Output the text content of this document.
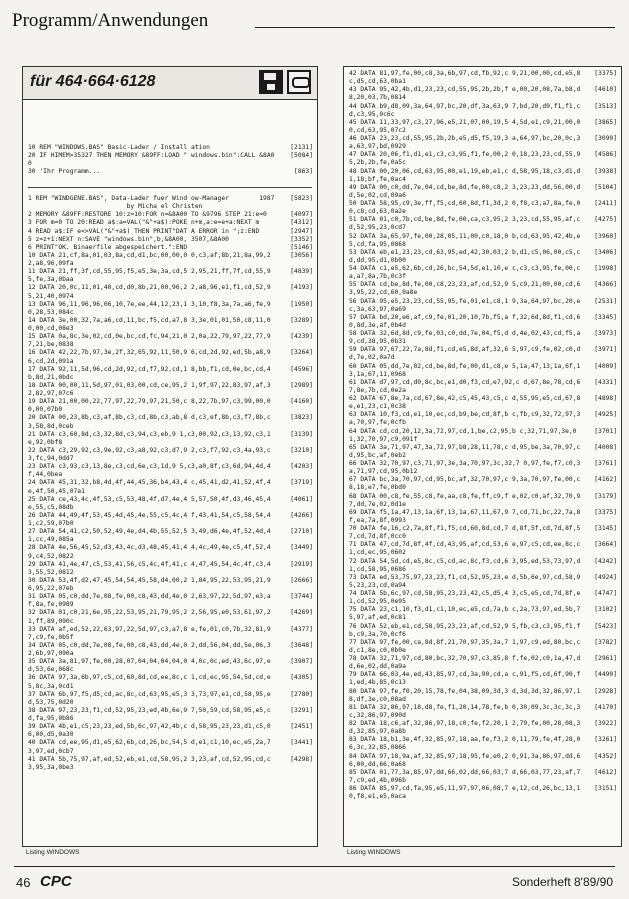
Programm/Anwendungen
für 464·664·6128
10 REM "WINDOWS.BAS" Basic-Lader / Install ation	[2131]
20 IF HIMEM>35327 THEN MEMORY &89FF:LOAD " windows.bin":CALL &8A00
[5084]
30 'Ihr Programm...	[863]
1 REM "WINDGENE.BAS", Data-Lader fuer Wind ow-Manager        1987	[5823]
by Micha el Christen
2 MEMORY &89FF:RESTORE 10:z=10:FOR n=&8A00 TO &9796 STEP 21:e=0	[4097]
3 FOR m=0 TO 20:READ a$:a=VAL("&"+a$):POKE n+m,a:e=e+a:NEXT m	[4312]
4 READ a$:IF e<>VAL("&"+a$) THEN PRINT"DAT A ERROR in ";z:END	[2947]
5 z=z+1:NEXT n:SAVE "windows.bin",b,&8A00, 3507,&8A00	[3352]
6 PRINT"OK. Binaerfile abgespeichert.":END	[5146]
10 DATA 21,cf,8a,01,03,8a,cd,d1,bc,00,00,0 0,c3,af,8b,21,8a,99,22,a8,96,09fa
[3056]
11 DATA 21,ff,3f,cd,55,95,f5,e5,3e,3a,cd,5 2,95,21,ff,7f,cd,55,95,fe,3a,0baa
[4839]
12 DATA 20,0c,11,01,40,cd,d0,8b,21,00,96,2 2,a8,96,e1,f1,cd,52,95,21,40,0974
[4193]
13 DATA 96,11,96,96,06,10,7e,ee,44,12,23,1 3,10,f8,3a,7a,a6,fe,90,28,53,084c
[1950]
14 DATA 3e,00,32,7a,a6,cd,11,bc,f5,cd,a7,8 3,3e,01,01,50,c8,11,00,00,cd,08e3
[3289]
15 DATA 0a,8c,3e,02,cd,0e,bc,cd,fc,94,21,0 2,0a,22,79,97,22,77,97,21,be,0838
[4239]
16 DATA 42,22,7b,97,3e,2f,32,65,92,11,50,9 6,cd,2d,92,ed,5b,a8,96,cd,2d,091a
[3264]
17 DATA 92,11,5d,96,cd,2d,92,cd,f7,92,cd,1 8,bb,f1,cd,0e,bc,cd,4b,8d,21,0bdc
[4596]
18 DATA 00,00,11,5d,97,01,03,00,cd,ce,95,2 1,9f,97,22,83,97,af,32,82,97,07c6
[2989]
19 DATA 21,00,00,22,77,97,22,79,97,21,50,c 8,22,7b,97,c3,99,00,00,00,07b0
[4160]
20 DATA 00,23,8b,c3,af,8b,c3,cd,8b,c3,ab,8 d,c3,ef,8b,c3,f7,8b,c3,58,8d,0ceb
[3823]
21 DATA c3,60,8d,c3,32,8d,c3,94,c3,eb,9 1,c3,00,92,c3,13,92,c3,1e,92,0bf8
[3139]
22 DATA c3,29,92,c3,9e,92,c3,a8,92,c3,d7,9 2,c3,f7,92,c3,4a,93,c3,fc,94,0dd7
[3210]
23 DATA c3,93,c3,13,8e,c3,cd,6e,c3,1d,9 5,c3,a0,8f,c3,6d,94,4d,4f,44,0bea
[4203]
24 DATA 45,31,32,b8,4d,4f,44,45,36,b4,43,4 c,45,41,d2,41,52,4f,4e,4f,50,45,07a1
[3719]
25 DATA ce,43,4c,4f,53,c5,53,48,4f,d7,4e,4 5,57,50,4f,d3,46,45,4e,55,c5,08db
[4061]
26 DATA 44,49,4f,53,45,4d,45,4e,55,c5,4c,4 f,43,41,54,c5,58,54,41,c2,59,07b0
[4266]
27 DATA 54,41,c2,50,52,49,4e,d4,4b,55,52,5 3,49,d6,4e,4f,52,4d,41,cc,49,085a
[2710]
28 DATA 4e,56,45,52,d3,43,4c,d3,48,45,41,4 4,4c,49,4e,c5,4f,52,49,c4,52,0822
[3449]
29 DATA 41,4e,47,c5,53,41,56,c5,4c,4f,41,c 4,47,45,54,4c,4f,c3,43,55,52,0812
[2919]
30 DATA 53,4f,d2,47,45,54,54,45,58,d4,00,2 1,84,95,22,53,95,21,96,95,22,07eb
[2666]
31 DATA 05,c0,dd,7e,08,fe,00,c8,43,dd,4e,0 2,63,97,22,5d,97,e3,af,8a,fe,0989
[3744]
32 DATA 01,c0,21,6e,95,22,53,95,21,79,95,2 2,56,95,e0,53,61,97,21,ff,89,090c
[4269]
33 DATA af,ed,52,22,63,97,22,5d,97,c3,a7,8 e,fe,01,c0,7b,32,81,97,c9,fe,0b5f
[4377]
34 DATA 05,c0,dd,7e,08,fe,00,c8,43,dd,4e,0 2,dd,56,04,dd,5e,06,32,6b,97,090a
[3648]
35 DATA 3a,81,97,fe,00,28,07,04,04,04,04,0 4,0c,0c,ed,43,6c,97,ed,53,6e,068c
[3907]
36 DATA 97,3a,6b,97,c5,cd,60,8d,cd,ee,8c,c 1,cd,ec,95,54,5d,cd,e5,8c,3a,0cd1
[4305]
37 DATA 6b,97,f5,d5,cd,ac,8c,cd,63,95,e5,3 3,73,97,e1,cd,58,95,ed,53,75,0d20
[2780]
38 DATA 97,23,23,f1,cd,52,95,23,ed,4b,6e,9 7,50,59,cd,58,95,e5,cd,fa,95,0b86
[3291]
39 DATA 4b,e1,c5,23,23,ed,5b,6c,97,42,4b,c d,58,95,23,23,d1,c5,06,00,d5,0a30
[2451]
40 DATA cd,ee,95,d1,e5,62,6b,cd,26,bc,54,5 d,e1,c1,10,ec,e5,2a,73,97,ed,0cb7
[3441]
41 DATA 5b,75,97,af,ed,52,eb,e1,cd,58,95,2 3,23,af,cd,52,95,cd,c3,95,3a,0be3
[4298]
42 DATA 81,97,fe,00,c8,3a,6b,97,cd,fb,92,c 9,21,00,00,cd,e5,8c,d5,cd,63,0ba1
[3375]
43 DATA 95,42,4b,d1,23,23,cd,55,95,2b,2b,f e,00,20,08,7a,b8,d8,20,03,7b,0814
[4610]
44 DATA b9,d8,09,3a,64,97,bc,20,df,3a,63,9 7,bd,20,d9,f1,f1,cd,c3,95,0c6c
[3513]
45 DATA 11,33,97,c3,27,96,e5,21,07,00,19,5 4,5d,e1,c9,21,00,00,cd,63,95,07c2
[3865]
46 DATA 23,23,cd,55,95,2b,2b,e5,d5,f5,19,3 a,64,97,bc,20,0c,3a,63,97,bd,0929
[3090]
47 DATA 20,06,f1,d1,e1,c3,c3,95,f1,fe,00,2 0,18,23,23,cd,55,95,2b,2b,fe,0a5c
[4586]
48 DATA 00,20,06,cd,63,95,00,e1,19,eb,e1,c d,58,95,18,c3,d1,d1,18,bf,fe,0ac4
[3938]
49 DATA 00,c0,dd,7e,04,cd,be,8d,fe,00,c8,2 3,23,23,dd,56,00,dd,5e,02,cd,09a6
[5104]
50 DATA 58,95,c9,3e,ff,f5,cd,60,8d,f1,3d,2 0,f8,c3,a7,8a,fe,00,c8,cd,63,0a2e
[2411]
51 DATA 01,c0,7b,cd,be,8d,fe,00,ca,c3,95,2 3,23,cd,55,95,af,cd,52,95,23,0cd7
[4275]
52 DATA 3a,65,97,fe,00,28,05,11,00,c0,18,0 b,cd,63,95,42,4b,e5,cd,fa,95,0868
[3960]
53 DATA eb,e1,23,23,cd,63,95,ed,42,30,03,2 b,d1,c5,06,00,c5,cd,dd,95,d1,0b00
[3406]
54 DATA c1,e5,62,6b,cd,26,bc,54,5d,e1,10,e c,c3,c3,95,fe,00,ca,a7,8a,7b,0c3f
[1998]
55 DATA cd,be,8d,fe,00,c8,23,23,af,cd,52,9 5,c9,21,00,00,cd,63,95,22,cd,60,0a8e
[4366]
56 DATA 95,e5,23,23,cd,55,95,fe,01,e1,c8,1 9,3a,64,97,bc,20,ec,3a,63,97,0a69
[2531]
57 DATA bd,20,e6,af,c9,fe,01,20,10,7b,f5,a f,32,6d,8d,f1,cd,60,8d,3e,af,0b4d
[3345]
58 DATA 32,6d,8d,c9,fe,03,c0,dd,7e,04,f5,d d,4e,02,43,cd,f5,a9,cd,38,95,0b31
[3973]
59 DATA 97,67,22,7a,8d,f1,cd,e5,8d,af,32,6 5,97,c9,fe,02,c0,dd,7e,02,0a7d
[3971]
60 DATA 05,dd,7e,02,cd,be,8d,fe,00,d1,c8,e 5,1a,47,13,1a,6f,13,1a,67,11,0968
[4009]
61 DATA d7,97,cd,d0,8c,bc,e1,d0,f3,cd,e7,92,c d,67,8e,78,cd,67,8e,7b,cd,0e2a
[4331]
62 DATA 67,8e,7a,cd,67,8e,42,c5,45,43,c5,c d,55,95,e5,cd,67,8e,e1,23,c1,0c38
[4898]
63 DATA 10,f3,cd,e1,10,ec,cd,b9,be,cd,8f,b c,fb,c9,32,72,97,3a,70,97,fe,0cfb
[4925]
64 DATA cd,cd,20,12,3a,72,97,cd,1,be,c2,95,b c,32,71,97,3e,01,32,70,97,c9,091f
[3701]
65 DATA 3a,71,97,47,3a,72,97,b8,28,11,78,c d,95,be,3a,70,97,cd,95,bc,af,0eb2
[4008]
66 DATA 32,70,97,c3,71,97,3e,3a,70,97,3c,32,7 0,97,fe,f7,c0,3a,71,97,cd,95,0b12
[3761]
67 DATA bc,3a,70,97,cd,95,bc,af,32,70,97,c 9,3a,70,97,fe,00,c8,18,e7,fe,0bd0
[4162]
68 DATA 00,c8,fe,55,c8,fe,aa,c8,fe,ff,c9,f e,02,c0,af,32,70,97,dd,7e,02,0d1e
[3179]
69 DATA f5,1a,47,13,1a,6f,13,1a,67,11,67,9 7,cd,71,bc,22,7a,8f,ea,7a,8f,0993
[3375]
70 DATA fe,16,c2,7a,8f,f1,f5,cd,60,8d,cd,7 d,8f,5f,cd,7d,8f,57,cd,7d,8f,0cc0
[3145]
71 DATA 47,cd,7d,8f,4f,cd,43,95,af,cd,53,6 e,97,c5,cd,ee,8c,c1,cd,ec,95,0602
[3664]
72 DATA 54,5d,cd,e5,8c,c5,cd,ac,8c,f3,cd,6 3,95,ed,53,73,97,d1,cd,58,95,0686
[4242]
73 DATA ed,53,75,97,23,23,f1,cd,52,95,23,e d,5b,6e,97,cd,58,95,23,23,cd,0a94
[4924]
74 DATA 5b,6c,97,cd,58,95,23,23,42,c5,d5,4 3,c5,e5,cd,7d,8f,e1,cd,52,95,0e95
[4747]
75 DATA 23,c1,10,f3,d1,c1,10,ec,e5,cd,7a,b c,2a,73,97,ed,5b,75,97,af,ed,0c81
[3102]
76 DATA 52,eb,e1,cd,58,95,23,23,af,cd,52,9 5,fb,c3,c3,95,f1,fb,c9,3a,70,0cf6
[5423]
77 DATA 97,fe,00,ca,8d,8f,21,70,97,35,3a,7 1,97,c9,ed,80,bc,cd,c1,8e,c0,0b0e
[3782]
78 DATA 32,71,97,cd,80,bc,32,70,97,c3,85,8 f,fe,02,c0,1a,47,dd,6e,02,dd,0a9a
[2961]
79 DATA 66,03,4e,ed,43,85,97,cd,3a,90,cd,a c,91,f5,cd,6f,90,f1,ed,4b,85,0c13
[4490]
80 DATA 97,fe,f0,20,15,78,fe,04,38,09,3d,3 d,3d,3d,32,86,97,18,df,3e,c0,08ad
[2928]
81 DATA 32,86,97,18,d8,fe,f1,20,14,78,fe,b 0,30,09,3c,3c,3c,3c,32,86,97,090d
[4170]
82 DATA 18,c6,af,32,86,97,18,c0,fe,f2,20,1 2,79,fe,00,28,08,3d,32,85,97,0a8b
[3922]
83 DATA 18,b1,3e,4f,32,85,97,18,aa,fe,f3,2 0,11,79,fe,4f,28,06,3c,32,85,0866
[3261]
84 DATA 97,18,9a,af,32,85,97,18,95,fe,e0,2 0,91,3a,86,97,dd,66,00,dd,66,0a68
[4352]
85 DATA 01,77,3a,85,97,dd,66,02,dd,66,03,7 d,66,03,77,23,af,77,c9,ed,4b,096b
[4612]
86 DATA 85,97,cd,fa,95,e5,11,97,97,06,08,7 e,12,cd,26,bc,13,10,f8,e1,e5,0aca
[3151]
Listing WINDOWS	Listing WINDOWS
46 CPC	Sonderheft 8'89/90
